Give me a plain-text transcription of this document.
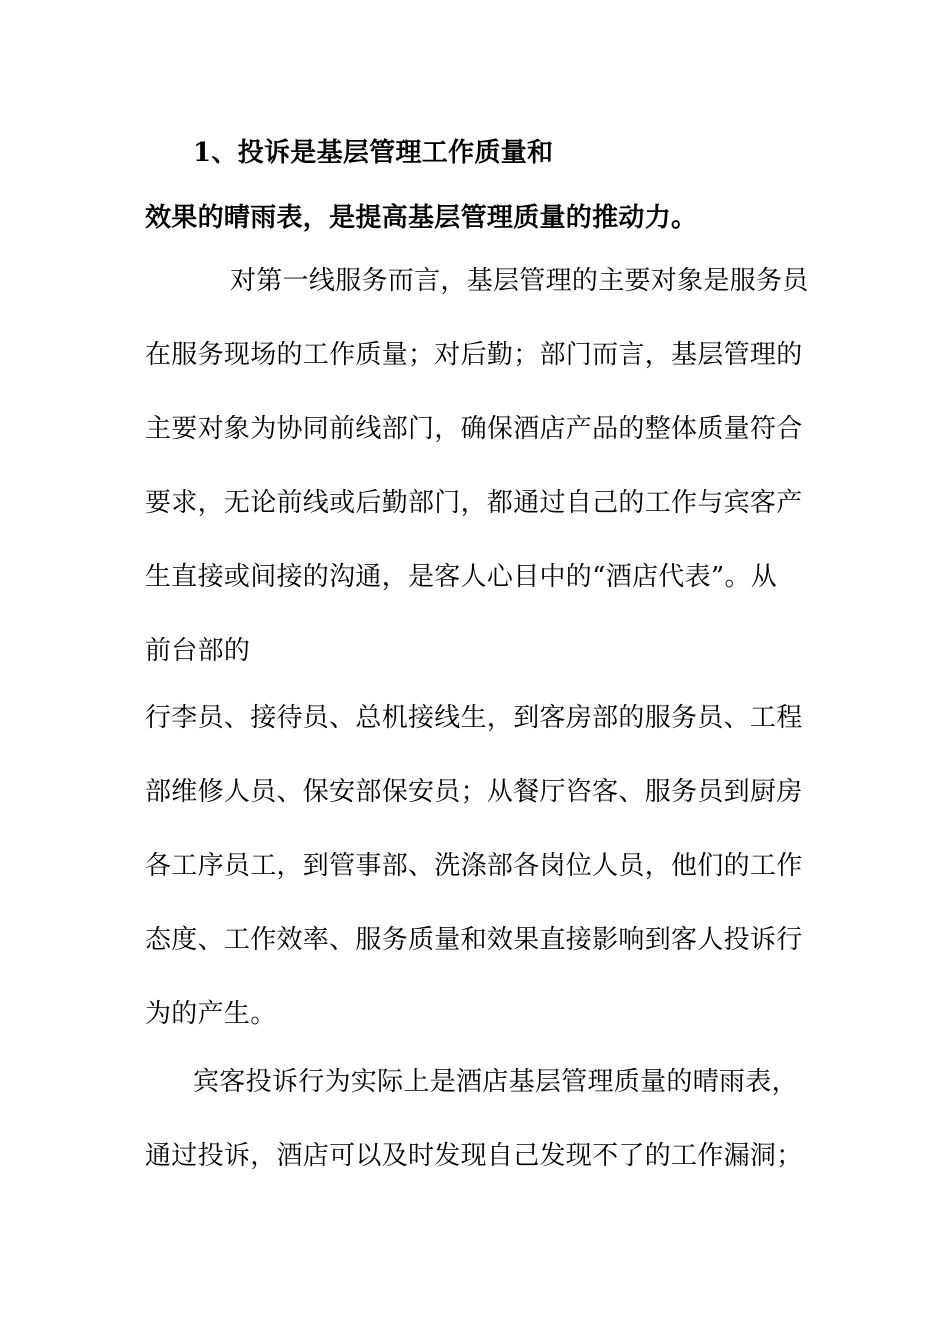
1、投诉是基层管理工作质量和
效果的晴雨表，是提高基层管理质量的推动力。
对第一线服务而言，基层管理的主要对象是服务员
在服务现场的工作质量；对后勤；部门而言，基层管理的
主要对象为协同前线部门，确保酒店产品的整体质量符合
要求，无论前线或后勤部门，都通过自己的工作与宾客产
生直接或间接的沟通，是客人心目中的“酒店代表”。从
前台部的
行李员、接待员、总机接线生，到客房部的服务员、工程
部维修人员、保安部保安员；从餐厅咨客、服务员到厨房
各工序员工，到管事部、洗涤部各岗位人员，他们的工作
态度、工作效率、服务质量和效果直接影响到客人投诉行
为的产生。
宾客投诉行为实际上是酒店基层管理质量的晴雨表，
通过投诉，酒店可以及时发现自己发现不了的工作漏洞；
